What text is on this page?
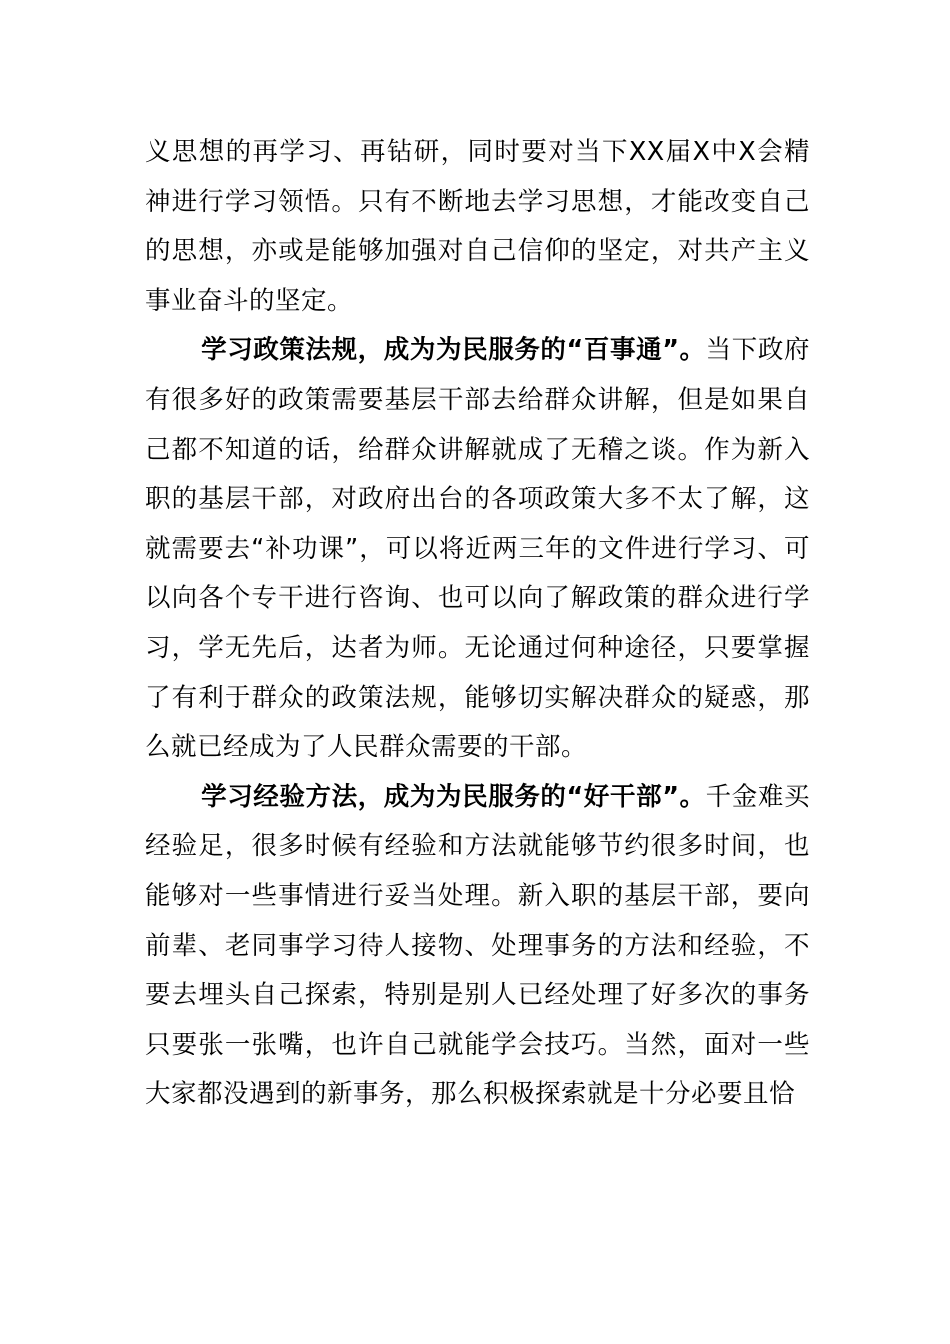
义思想的再学习、再钻研，同时要对当下XX届X中X会精神进行学习领悟。只有不断地去学习思想，才能改变自己的思想，亦或是能够加强对自己信仰的坚定，对共产主义事业奋斗的坚定。

学习政策法规，成为为民服务的“百事通”。当下政府有很多好的政策需要基层干部去给群众讲解，但是如果自己都不知道的话，给群众讲解就成了无稽之谈。作为新入职的基层干部，对政府出台的各项政策大多不太了解，这就需要去“补功课”，可以将近两三年的文件进行学习、可以向各个专干进行咨询、也可以向了解政策的群众进行学习，学无先后，达者为师。无论通过何种途径，只要掌握了有利于群众的政策法规，能够切实解决群众的疑惑，那么就已经成为了人民群众需要的干部。

学习经验方法，成为为民服务的“好干部”。千金难买经验足，很多时候有经验和方法就能够节约很多时间，也能够对一些事情进行妥当处理。新入职的基层干部，要向前辈、老同事学习待人接物、处理事务的方法和经验，不要去埋头自己探索，特别是别人已经处理了好多次的事务只要张一张嘴，也许自己就能学会技巧。当然，面对一些大家都没遇到的新事务，那么积极探索就是十分必要且恰
